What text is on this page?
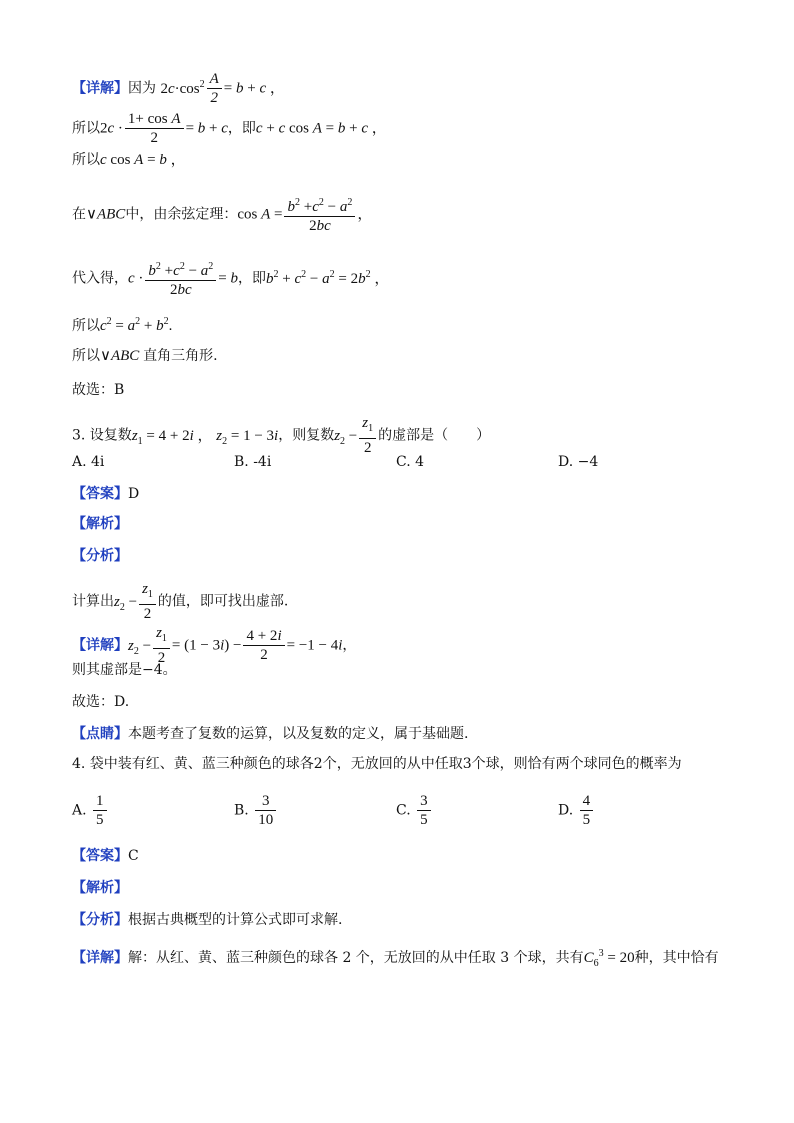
【详解】因为 $2c\cdot\cos^2 \frac{A}{2} = b + c$ ，
所以$2c \cdot \frac{\text{1+ cos A}}{2} = b + c$，即c + c cos A = b + c ，
所以c cos A = b ，
在∨ABC中，由余弦定理：$\cos A = \frac{b^2 +c^2 - a^2}{2bc}$ ，
代入得，$c \cdot \frac{b^2 +c^2 - a^2}{2bc} = b$，即$b^2 + c^2 - a^2 = 2b^2$ ，
所以$c^2 = a^2 + b^2$.
所以∨ABC 直角三角形.
故选：B
3. 设复数$z_1 = 4 + 2i$ ， $z_2 = 1 - 3i$，则复数$z_2 - \frac{z_1}{2}$ 的虚部是（　　）
A. 4i	B. -4i	C. 4	D. −4
【答案】D
【解析】
【分析】
计算出$z_2 - \frac{z_1}{2}$ 的值，即可找出虚部.
【详解】$z_2 - \frac{z_1}{2} = (1 - 3i) - \frac{4 + 2i}{2} = -1 - 4i$，
则其虚部是−4。
故选：D.
【点睛】本题考查了复数的运算，以及复数的定义，属于基础题.
4. 袋中装有红、黄、蓝三种颜色的球各2个，无放回的从中任取3个球，则恰有两个球同色的概率为
A. $\frac{1}{5}$	B. $\frac{3}{10}$	C. $\frac{3}{5}$	D. $\frac{4}{5}$
【答案】C
【解析】
【分析】根据古典概型的计算公式即可求解.
【详解】解：从红、黄、蓝三种颜色的球各 2 个，无放回的从中任取 3 个球，共有$C_6^3 = 20$种，其中恰有
